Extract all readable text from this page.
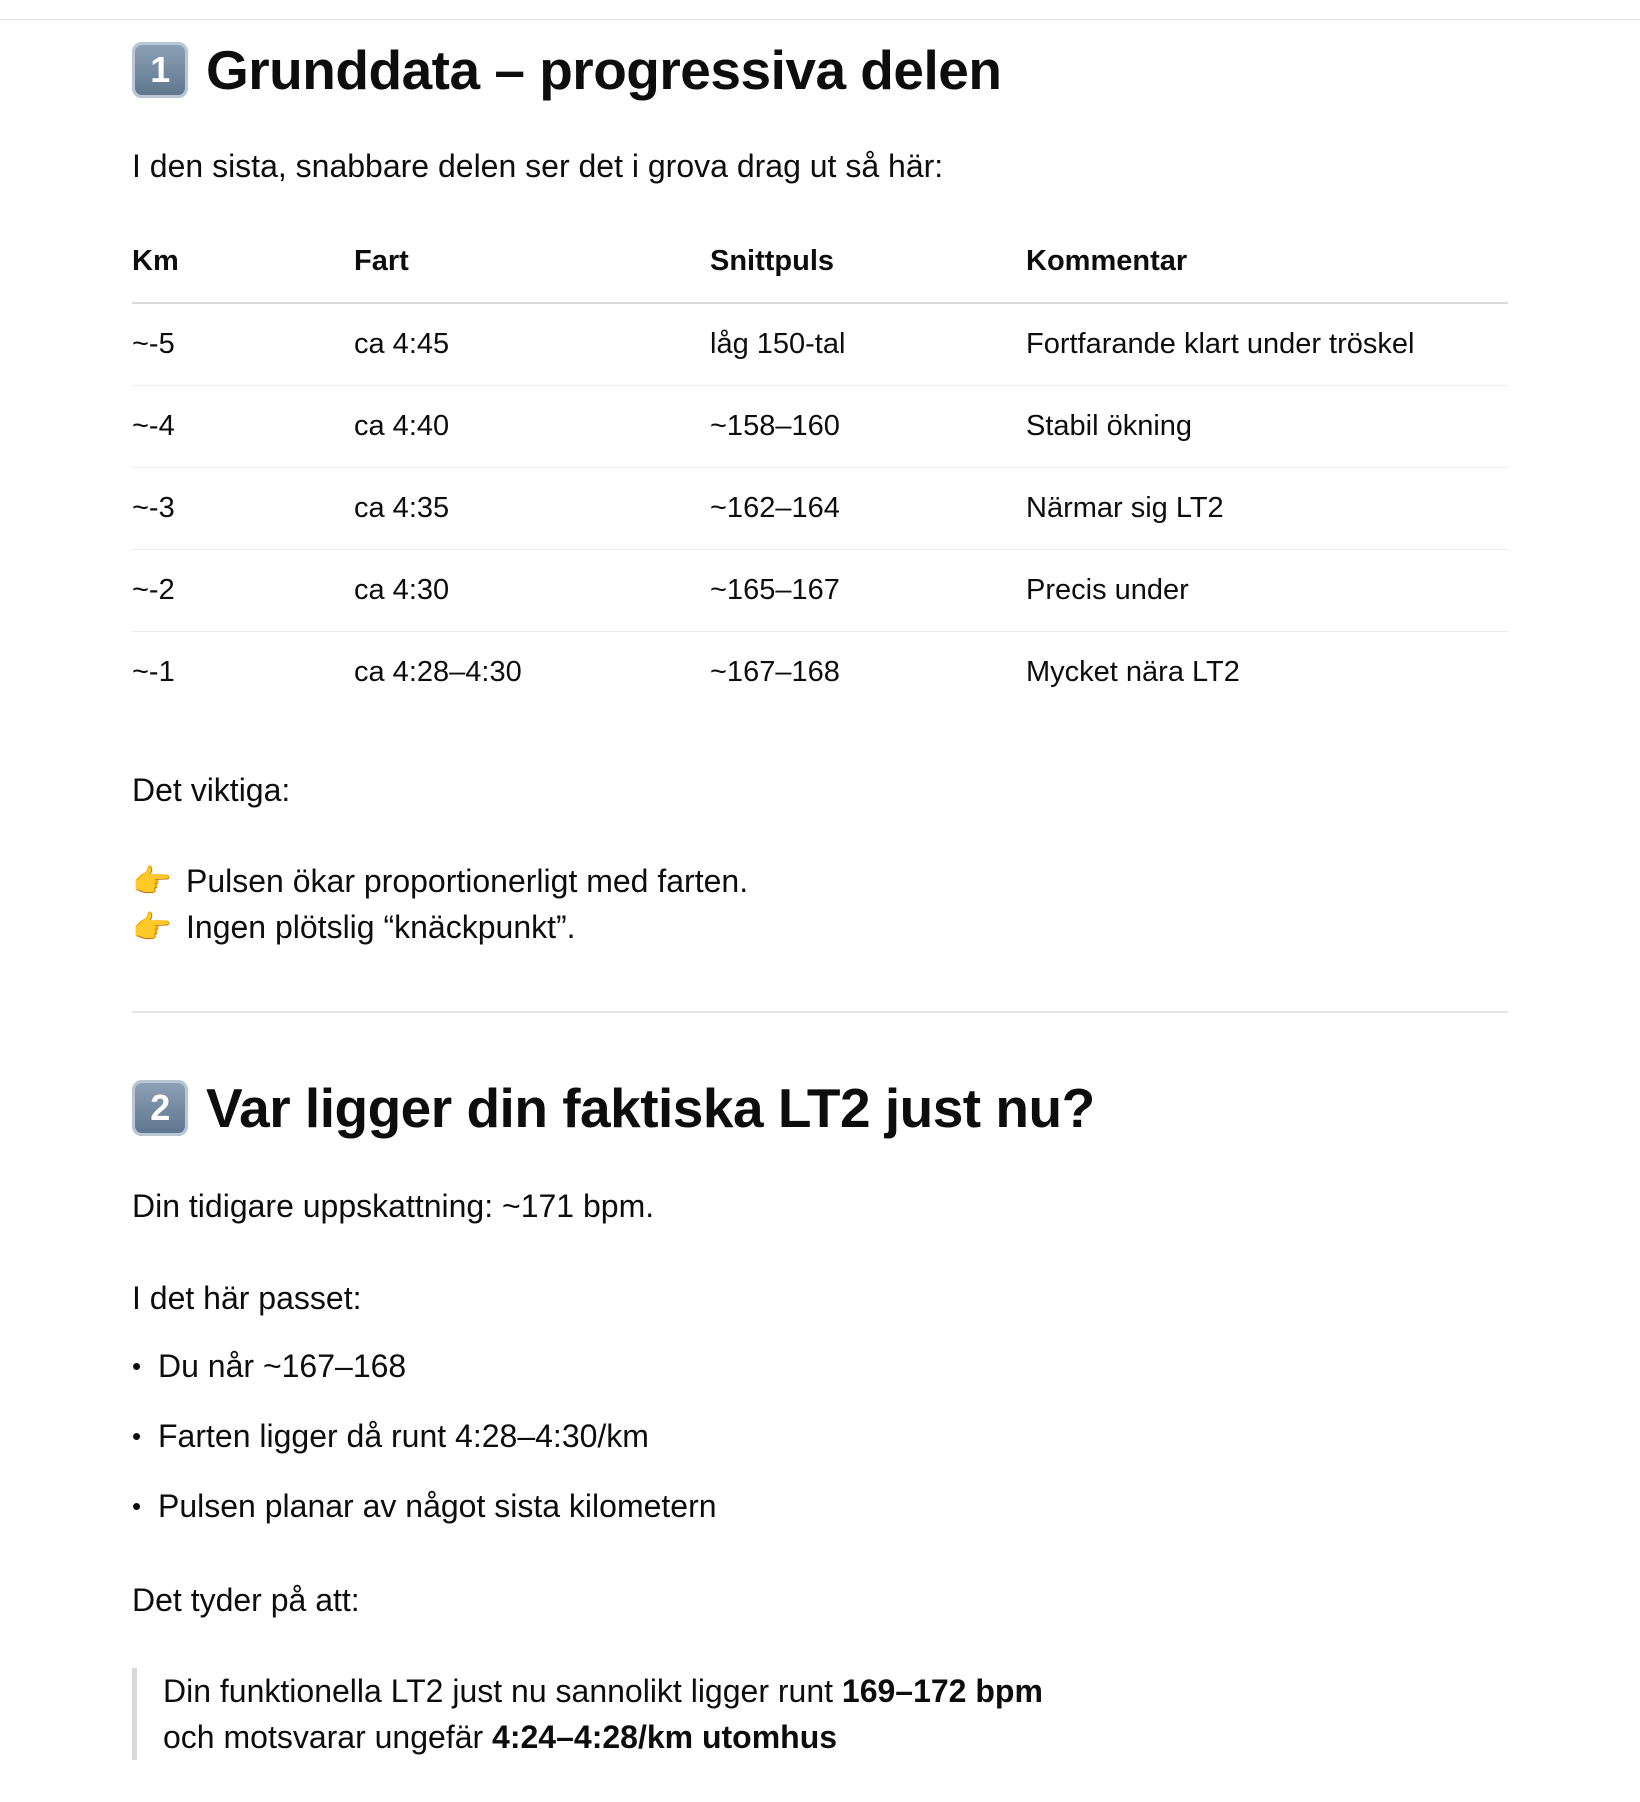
1 Grunddata – progressiva delen
I den sista, snabbare delen ser det i grova drag ut så här:
Km	Fart	Snittpuls	Kommentar
~-5	ca 4:45	låg 150-tal	Fortfarande klart under tröskel
~-4	ca 4:40	~158–160	Stabil ökning
~-3	ca 4:35	~162–164	Närmar sig LT2
~-2	ca 4:30	~165–167	Precis under
~-1	ca 4:28–4:30	~167–168	Mycket nära LT2
Det viktiga:
👉 Pulsen ökar proportionerligt med farten.
👉 Ingen plötslig “knäckpunkt”.
2 Var ligger din faktiska LT2 just nu?
Din tidigare uppskattning: ~171 bpm.
I det här passet:
• Du når ~167–168
• Farten ligger då runt 4:28–4:30/km
• Pulsen planar av något sista kilometern
Det tyder på att:
Din funktionella LT2 just nu sannolikt ligger runt 169–172 bpm
och motsvarar ungefär 4:24–4:28/km utomhus
